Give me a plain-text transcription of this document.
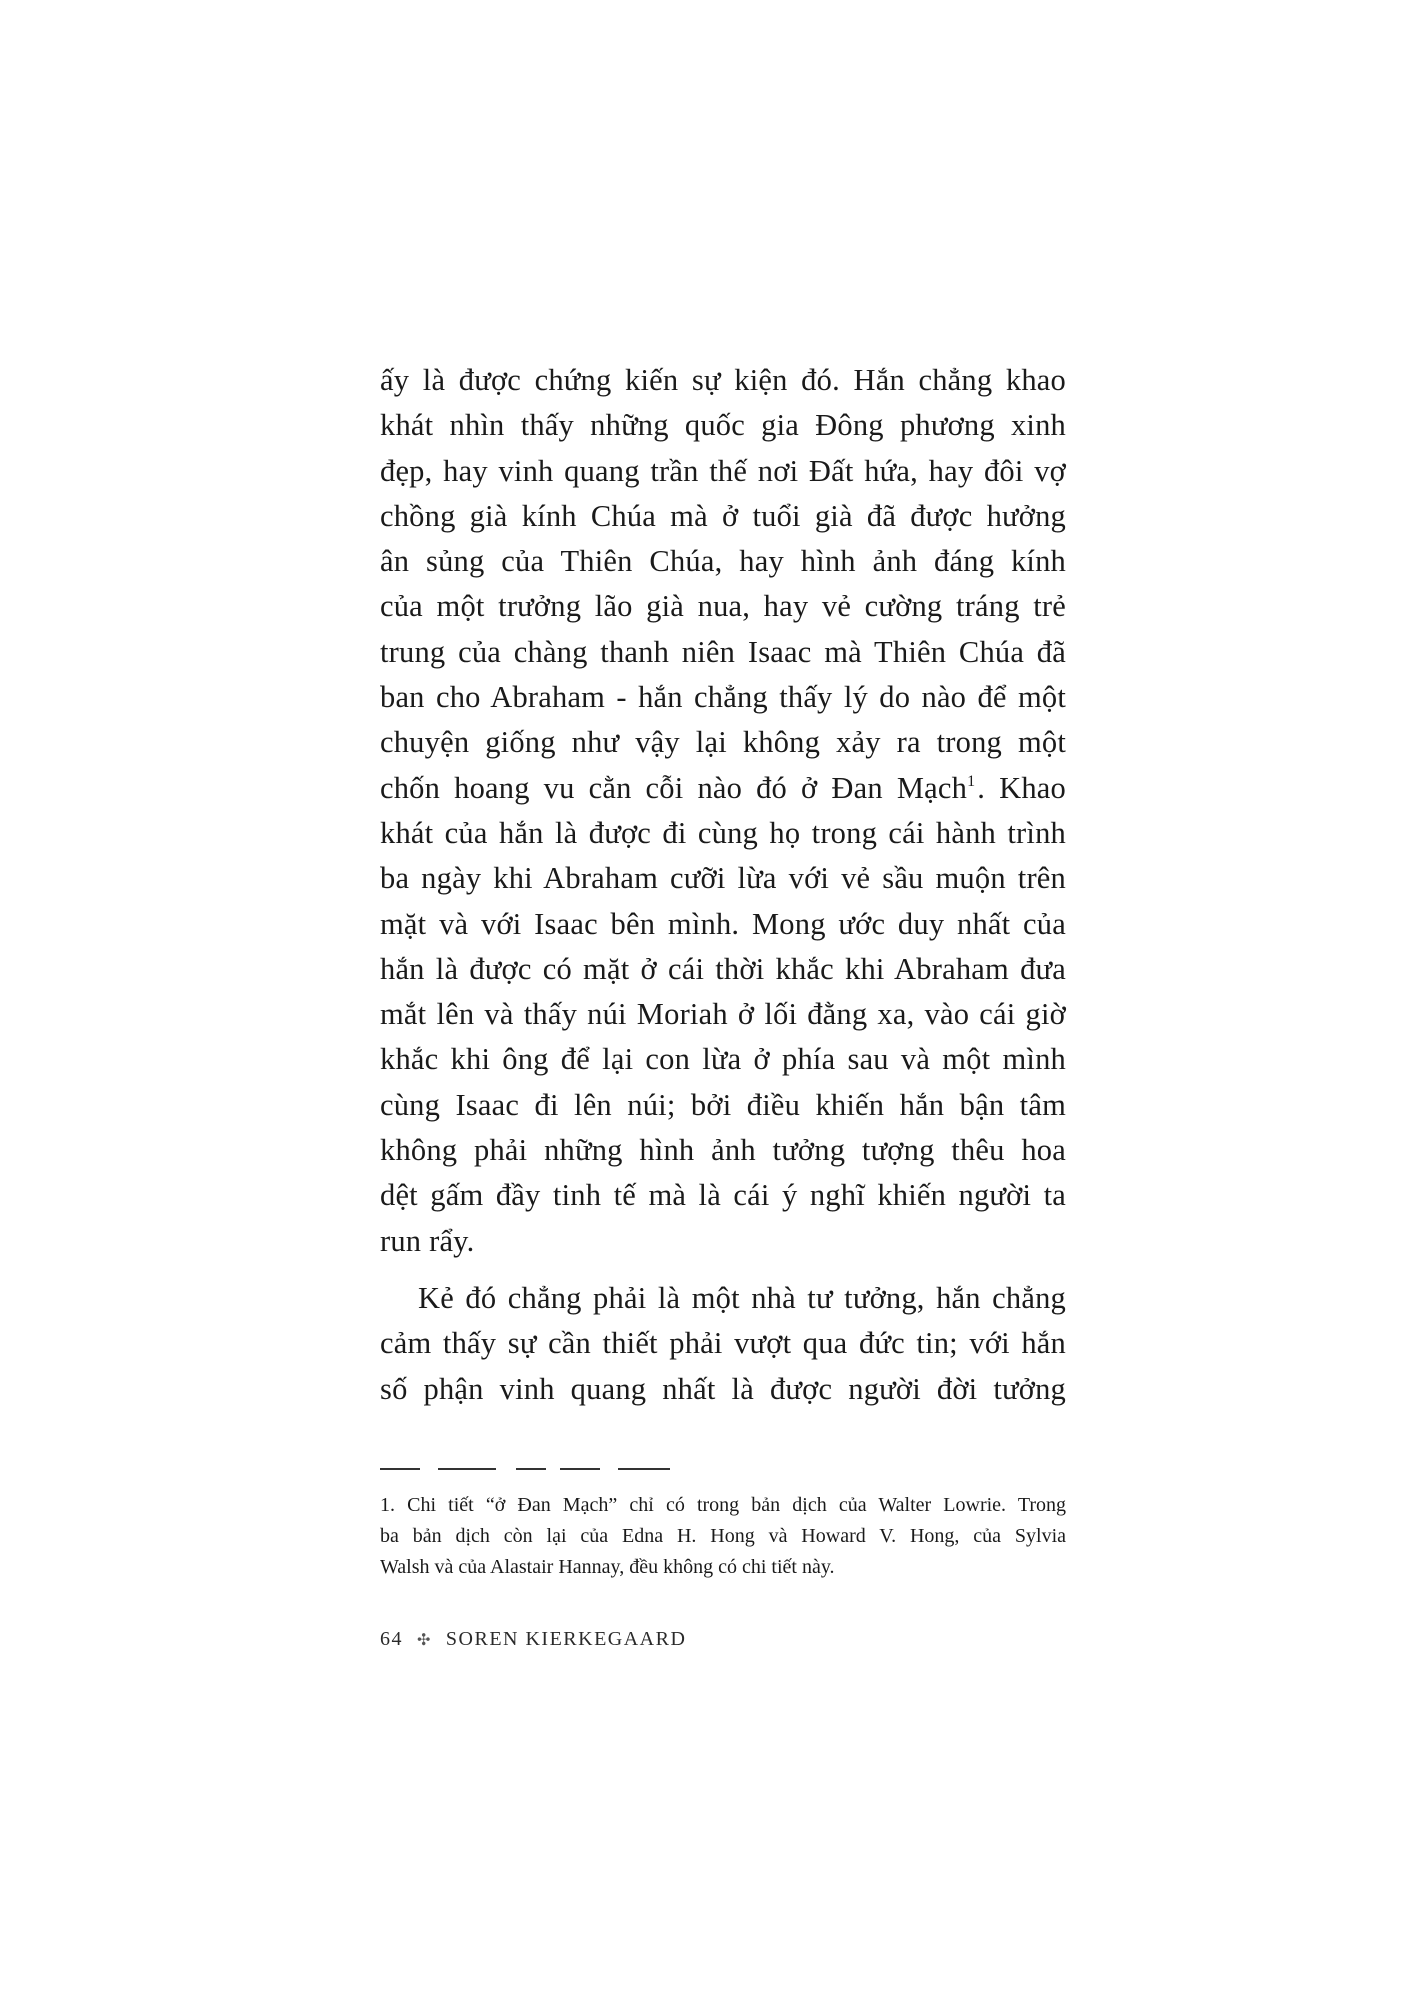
ấy là được chứng kiến sự kiện đó. Hắn chẳng khao
khát nhìn thấy những quốc gia Đông phương xinh
đẹp, hay vinh quang trần thế nơi Đất hứa, hay đôi vợ
chồng già kính Chúa mà ở tuổi già đã được hưởng
ân sủng của Thiên Chúa, hay hình ảnh đáng kính
của một trưởng lão già nua, hay vẻ cường tráng trẻ
trung của chàng thanh niên Isaac mà Thiên Chúa đã
ban cho Abraham - hắn chẳng thấy lý do nào để một
chuyện giống như vậy lại không xảy ra trong một
chốn hoang vu cằn cỗi nào đó ở Đan Mạch$^1$. Khao
khát của hắn là được đi cùng họ trong cái hành trình
ba ngày khi Abraham cưỡi lừa với vẻ sầu muộn trên
mặt và với Isaac bên mình. Mong ước duy nhất của
hắn là được có mặt ở cái thời khắc khi Abraham đưa
mắt lên và thấy núi Moriah ở lối đằng xa, vào cái giờ
khắc khi ông để lại con lừa ở phía sau và một mình
cùng Isaac đi lên núi; bởi điều khiến hắn bận tâm
không phải những hình ảnh tưởng tượng thêu hoa
dệt gấm đầy tinh tế mà là cái ý nghĩ khiến người ta
run rẩy.
Kẻ đó chẳng phải là một nhà tư tưởng, hắn chẳng
cảm thấy sự cần thiết phải vượt qua đức tin; với hắn
số phận vinh quang nhất là được người đời tưởng
1. Chi tiết “ở Đan Mạch” chỉ có trong bản dịch của Walter Lowrie. Trong
ba bản dịch còn lại của Edna H. Hong và Howard V. Hong, của Sylvia
Walsh và của Alastair Hannay, đều không có chi tiết này.
64 ✣ SOREN KIERKEGAARD
